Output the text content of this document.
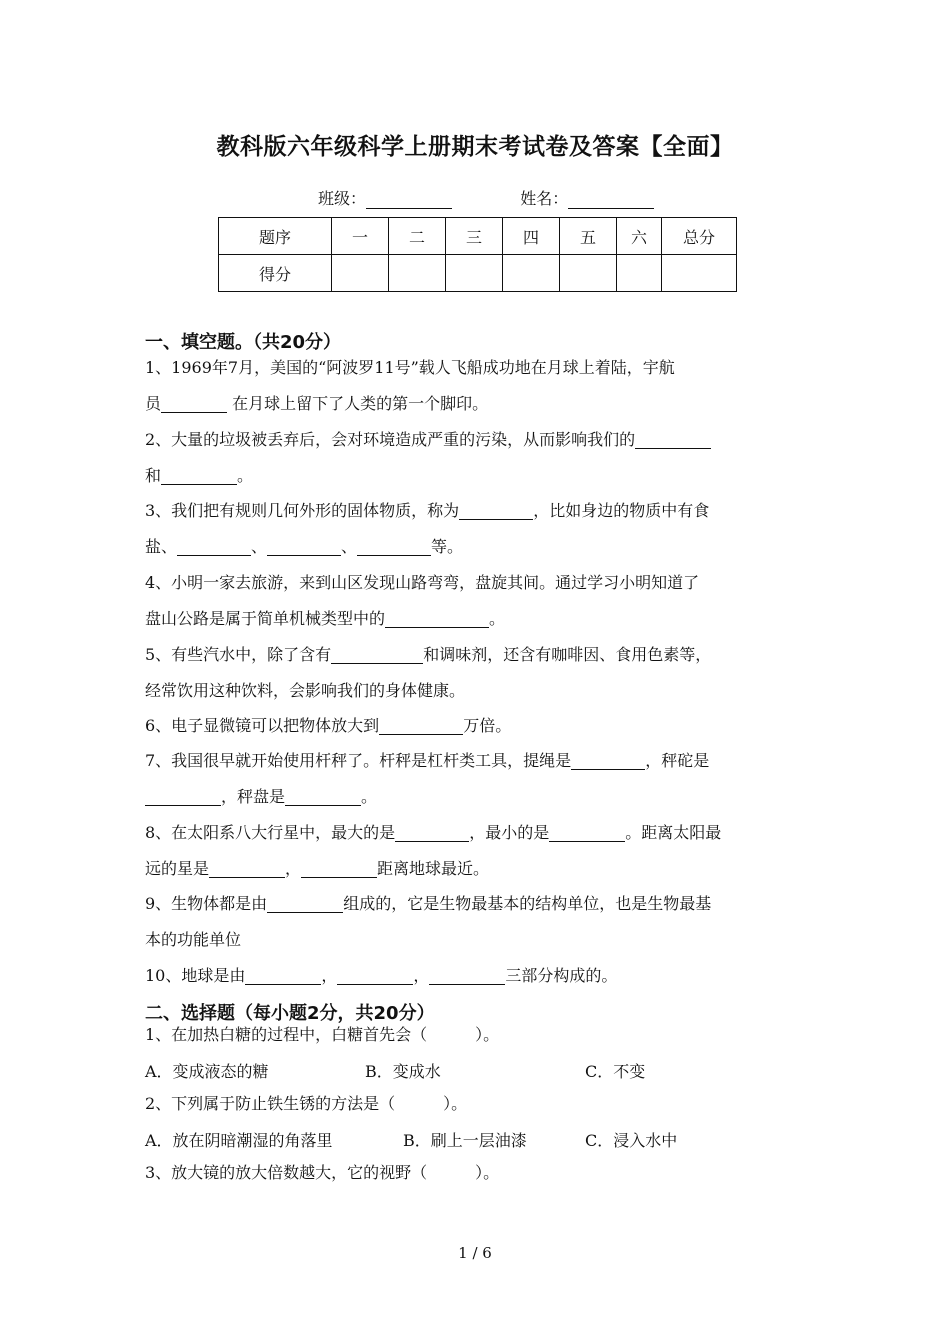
教科版六年级科学上册期末考试卷及答案【全面】
班级：	姓名：
题序	一	二	三	四	五	六	总分
得分							
一、填空题。（共20分）
1、1969年7月，美国的“阿波罗11号”载人飞船成功地在月球上着陆，宇航
员	在月球上留下了人类的第一个脚印。
2、大量的垃圾被丢弃后，会对环境造成严重的污染，从而影响我们的
和	。
3、我们把有规则几何外形的固体物质，称为	，比如身边的物质中有食
盐、	、	、	等。
4、小明一家去旅游，来到山区发现山路弯弯，盘旋其间。通过学习小明知道了
盘山公路是属于简单机械类型中的	。
5、有些汽水中，除了含有	和调味剂，还含有咖啡因、食用色素等，
经常饮用这种饮料，会影响我们的身体健康。
6、电子显微镜可以把物体放大到	万倍。
7、我国很早就开始使用杆秤了。杆秤是杠杆类工具，提绳是	，秤砣是
，秤盘是	。
8、在太阳系八大行星中，最大的是	，最小的是	。距离太阳最
远的星是	，	距离地球最近。
9、生物体都是由	组成的，它是生物最基本的结构单位，也是生物最基
本的功能单位
10、地球是由	，	，	三部分构成的。
二、选择题（每小题2分，共20分）
1、在加热白糖的过程中，白糖首先会（　　　）。
A．变成液态的糖	B．变成水	C．不变
2、下列属于防止铁生锈的方法是（　　　）。
A．放在阴暗潮湿的角落里	B．刷上一层油漆	C．浸入水中
3、放大镜的放大倍数越大，它的视野（　　　）。
1 / 6
